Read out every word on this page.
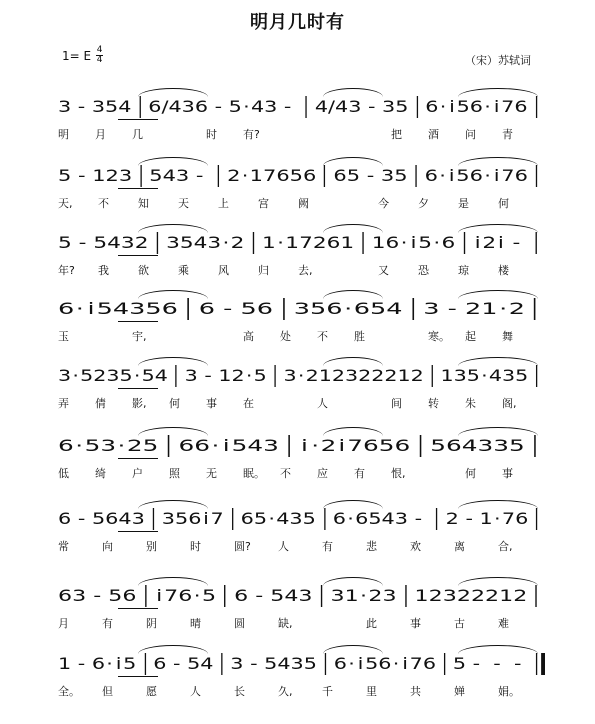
明月几时有
1= E 4
4	（宋）苏轼词
3 - 3 5 4 6/4 3 6 - 5 · 4 3 - 4/4 3 - 3 5 6 · i 5 6 · i 7 6
明	月	几	时	有?	把	酒	问	青
5 - 1 2 3 5 4 3 - 2 · 1 7 6 5 6 6 5 - 3 5 6 · i 5 6 · i 7 6
天,	不	知	天	上	宫	阙	今	夕	是	何
5 - 5 4 3 2 3 5 4 3 · 2 1 · 1 7 2 6 1 1 6 · i 5 · 6 i 2 i -
年?	我	欲	乘	风	归	去,	又	恐	琼	楼
6 · i 5 4 3 5 6 6 - 5 6 3 5 6 · 6 5 4 3 - 2 1 · 2
玉	宇,	高	处	不	胜	寒。	起	舞
3 · 5 2 3 5 · 5 4 3 - 1 2 · 5 3 · 2 1 2 3 2 2 2 1 2 1 3 5 · 4 3 5
弄	倩	影,	何	事	在	人	间	转	朱	阁,
6 · 5 3 · 2 5 6 6 · i 5 4 3 i · 2 i 7 6 5 6 5 6 4 3 3 5
低	绮	户	照	无	眠。	不	应	有	恨,	何	事
6 - 5 6 4 3 3 5 6 i 7 6 5 · 4 3 5 6 · 6 5 4 3 - 2 - 1 · 7 6
常	向	别	时	圆?	人	有	悲	欢	离	合,
6 3 - 5 6 i 7 6 · 5 6 - 5 4 3 3 1 · 2 3 1 2 3 2 2 2 1 2
月	有	阴	晴	圆	缺,	此	事	古	难
1 - 6 · i 5 6 - 5 4 3 - 5 4 3 5 6 · i 5 6 · i 7 6 5 - - -
全。	但	愿	人	长	久,	千	里	共	婵	娟。
